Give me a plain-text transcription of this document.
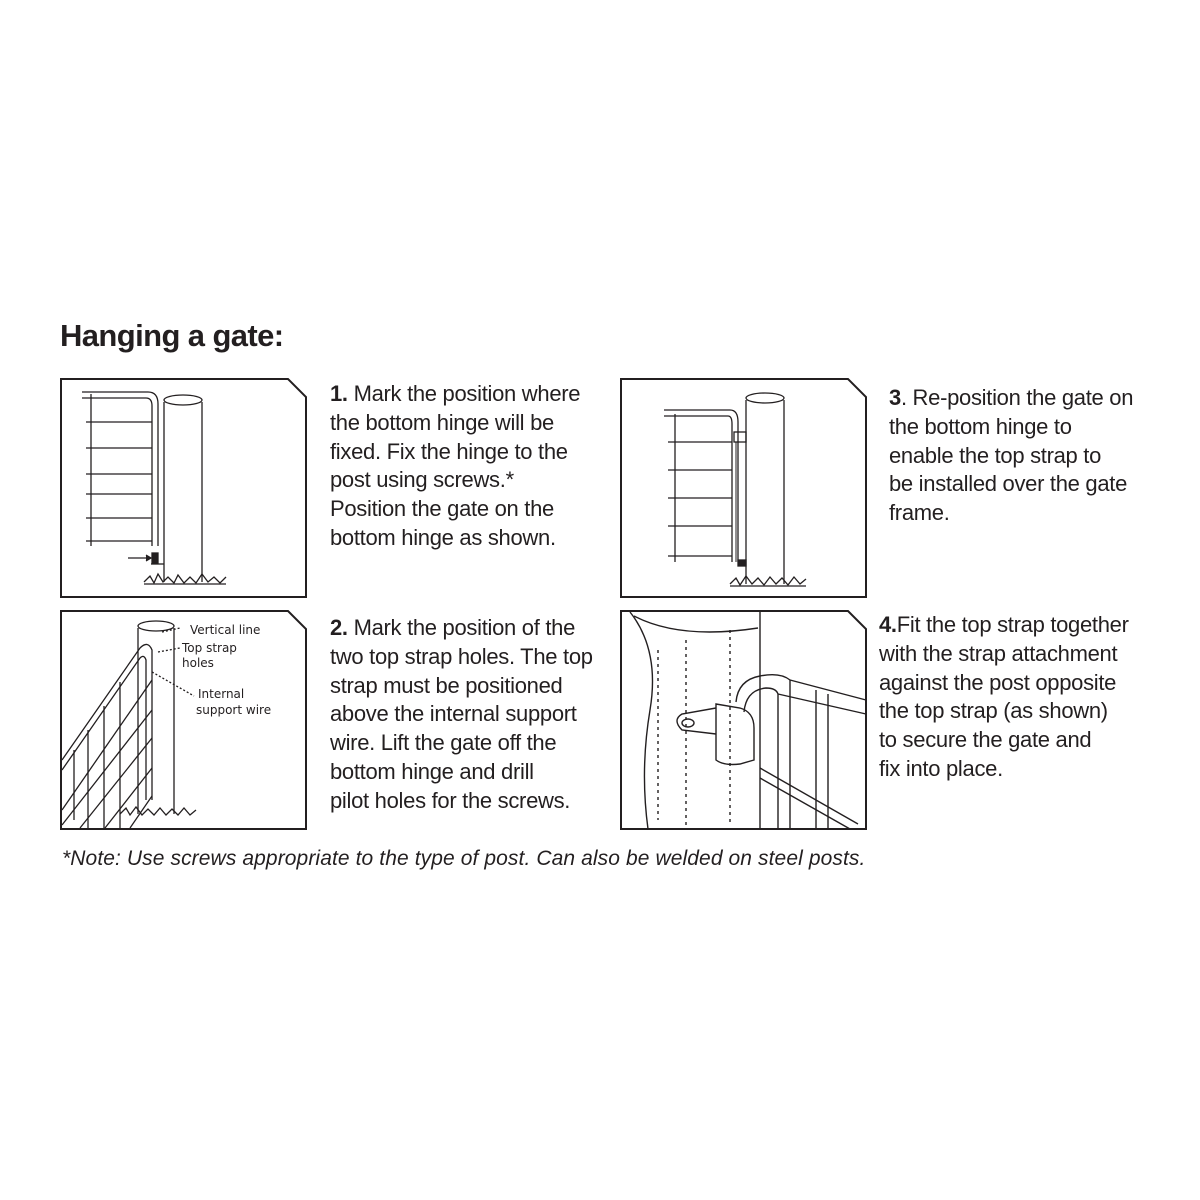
Hanging a gate:
1. Mark the position where
the bottom hinge will be
fixed. Fix the hinge to the
post using screws.*
Position the gate on the
bottom hinge as shown.
Vertical line
Top strap
holes
Internal
support wire
2. Mark the position of the
two top strap holes. The top
strap must be positioned
above the internal support
wire. Lift the gate off the
bottom hinge and drill
pilot holes for the screws.
3. Re-position the gate on
the bottom hinge to
enable the top strap to
be installed over the gate
frame.
4.Fit the top strap together
with the strap attachment
against the post opposite
the top strap (as shown)
to secure the gate and
fix into place.

*Note: Use screws appropriate to the type of post. Can also be welded on steel posts.
